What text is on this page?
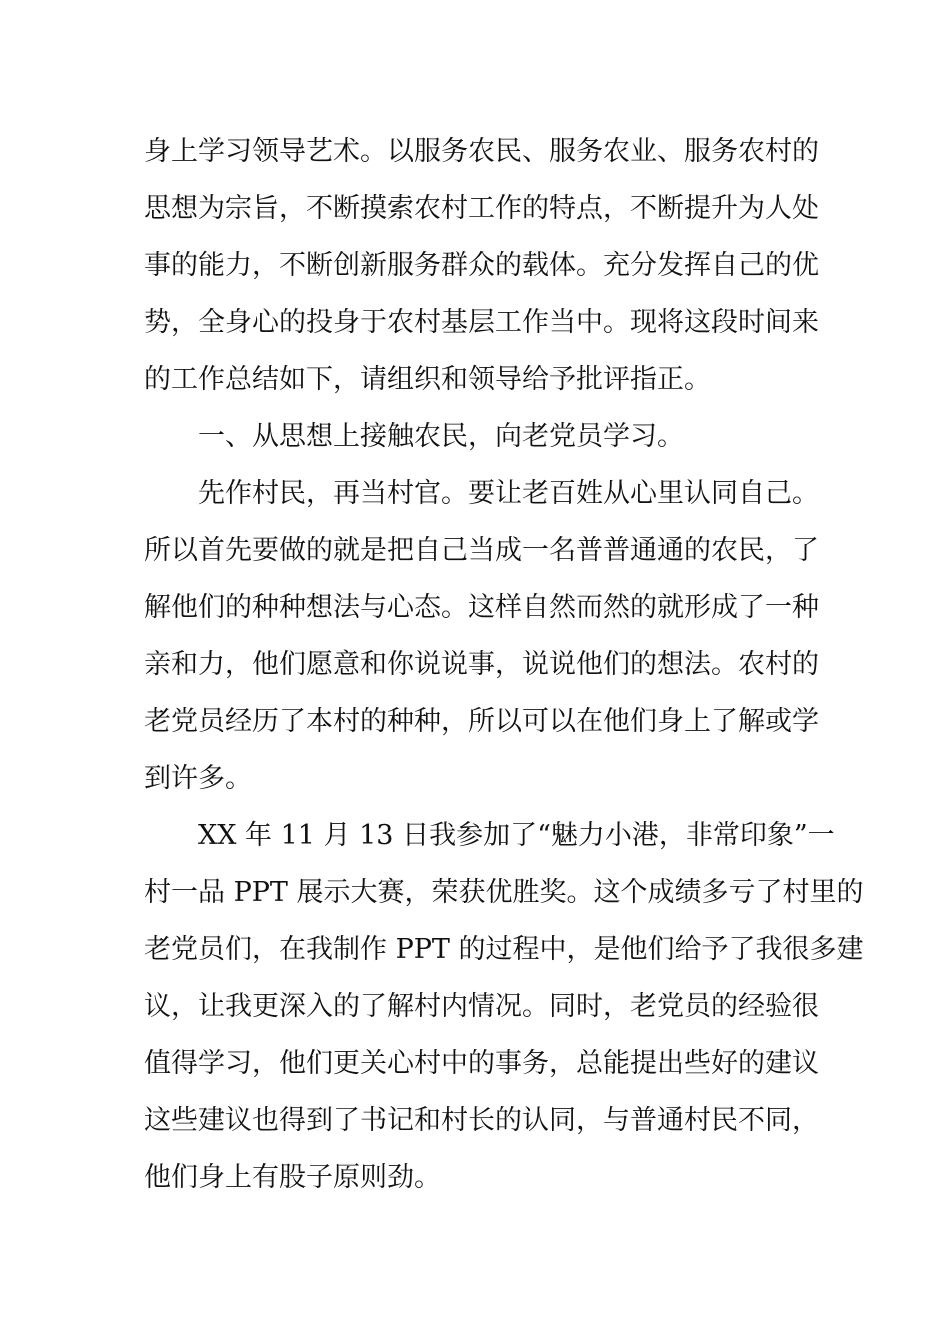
身上学习领导艺术。以服务农民、服务农业、服务农村的
思想为宗旨，不断摸索农村工作的特点，不断提升为人处
事的能力，不断创新服务群众的载体。充分发挥自己的优
势，全身心的投身于农村基层工作当中。现将这段时间来
的工作总结如下，请组织和领导给予批评指正。
一、从思想上接触农民，向老党员学习。
先作村民，再当村官。要让老百姓从心里认同自己。
所以首先要做的就是把自己当成一名普普通通的农民，了
解他们的种种想法与心态。这样自然而然的就形成了一种
亲和力，他们愿意和你说说事，说说他们的想法。农村的
老党员经历了本村的种种，所以可以在他们身上了解或学
到许多。
XX 年 11 月 13 日我参加了“魅力小港，非常印象”一
村一品 PPT 展示大赛，荣获优胜奖。这个成绩多亏了村里的
老党员们，在我制作 PPT 的过程中，是他们给予了我很多建
议，让我更深入的了解村内情况。同时，老党员的经验很
值得学习，他们更关心村中的事务，总能提出些好的建议
这些建议也得到了书记和村长的认同，与普通村民不同，
他们身上有股子原则劲。
